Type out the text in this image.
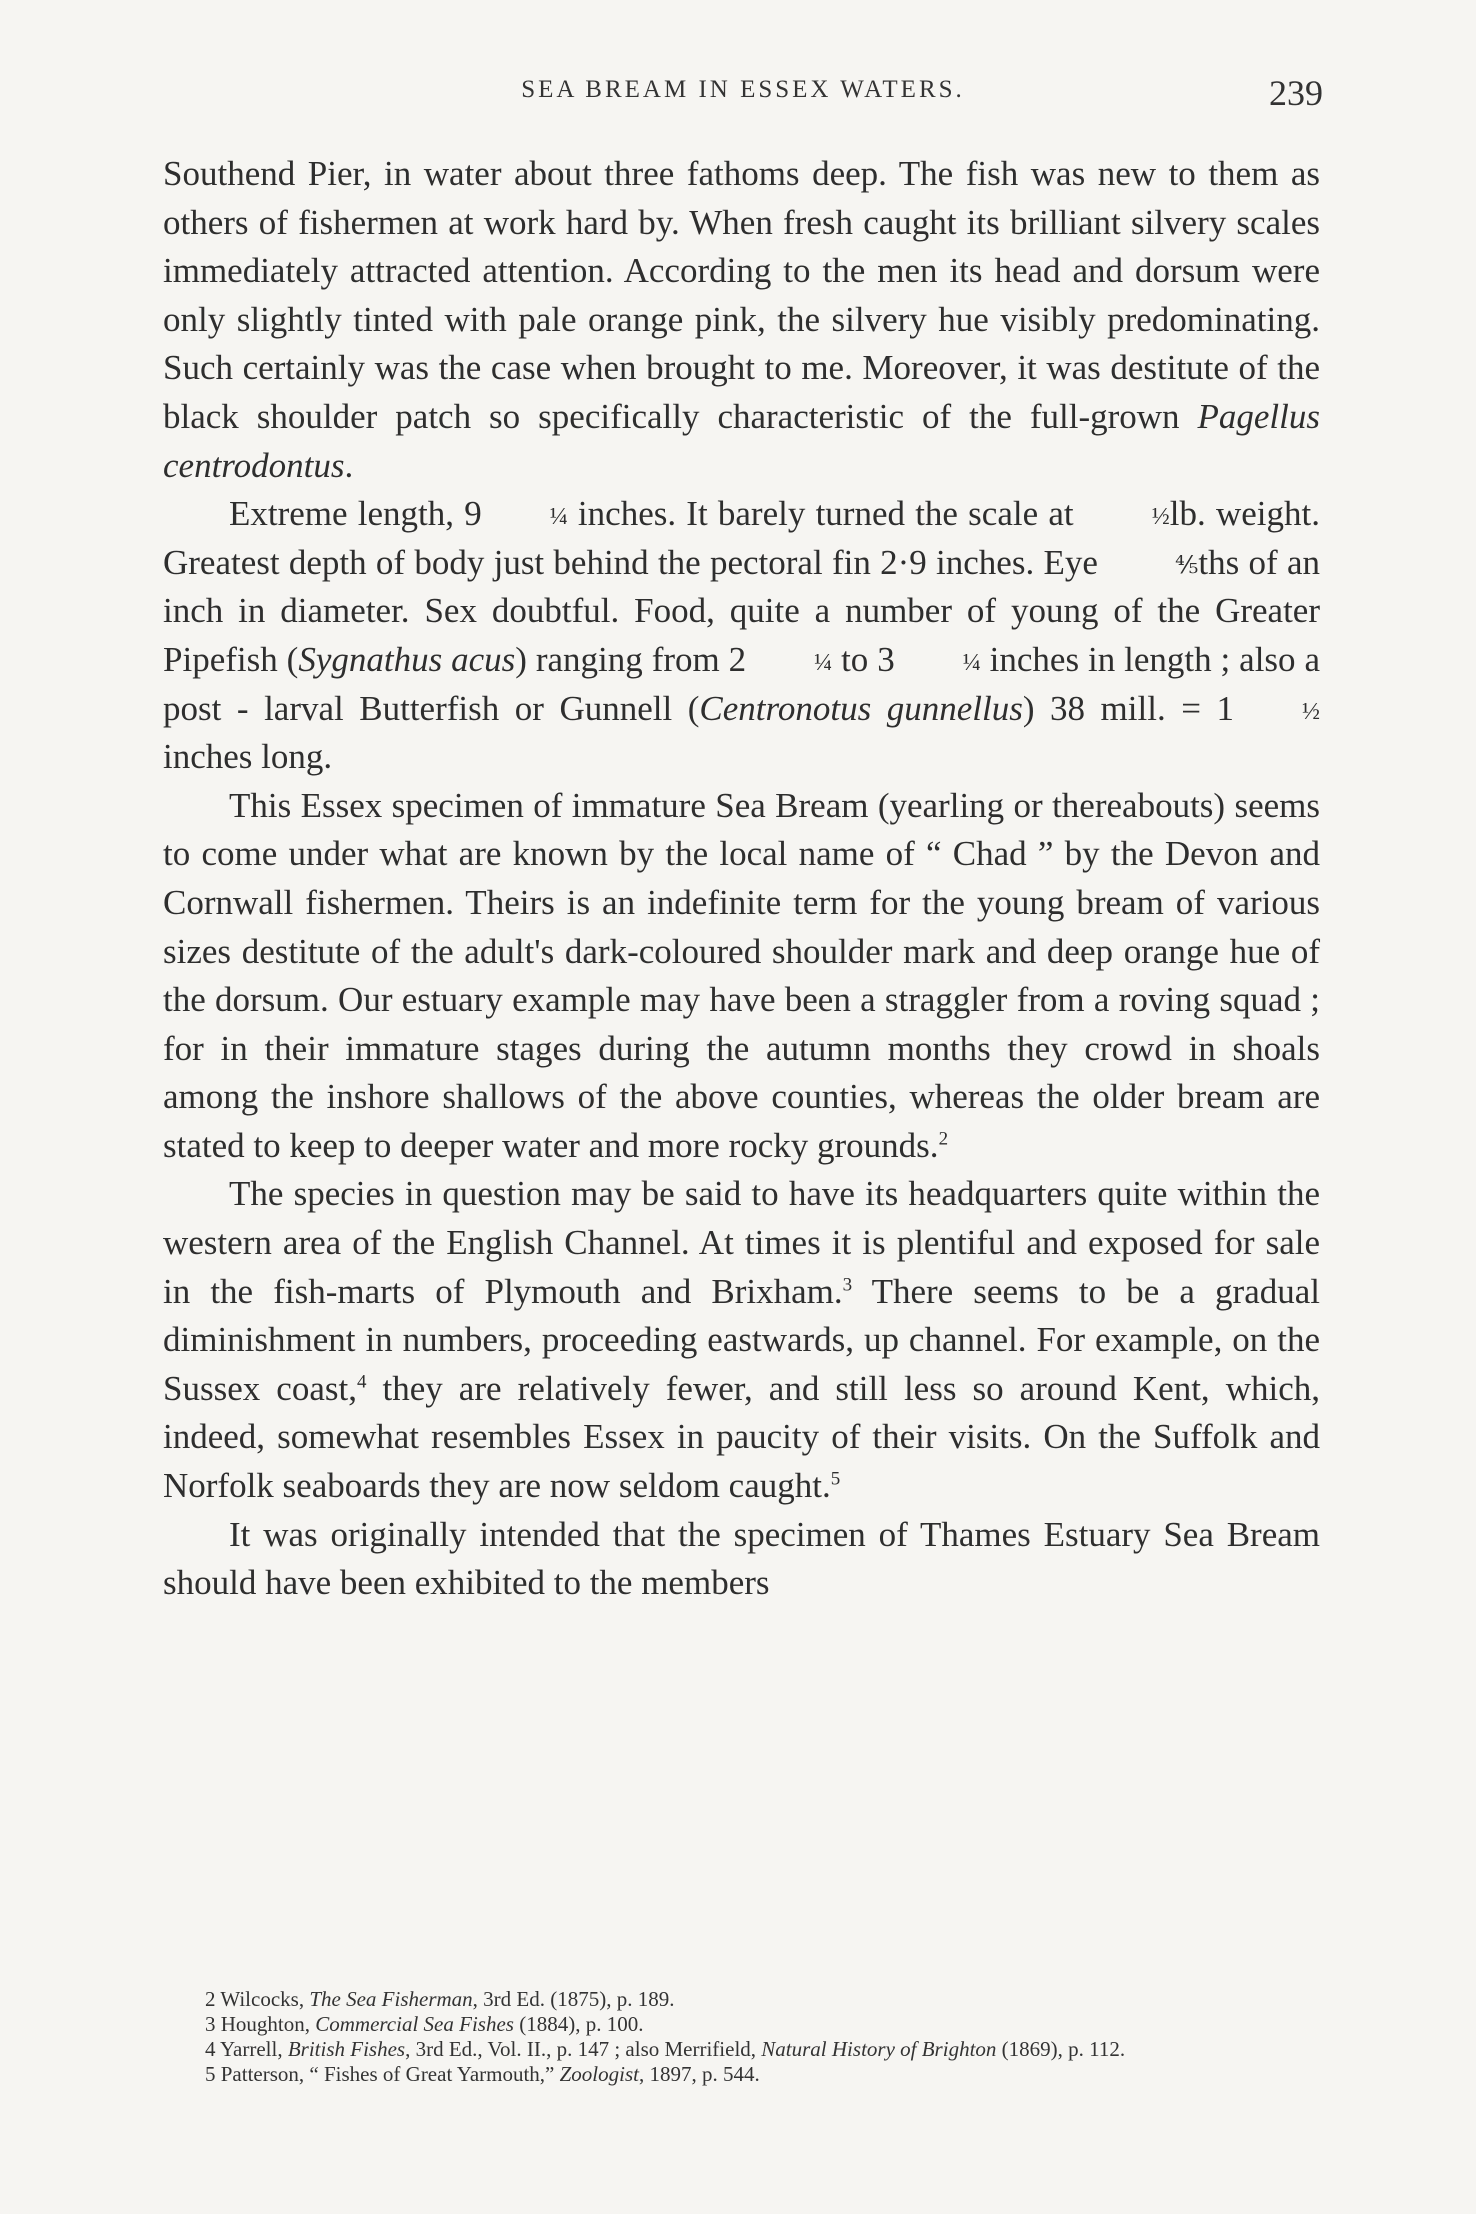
SEA BREAM IN ESSEX WATERS.	239

Southend Pier, in water about three fathoms deep. The fish was new to them as others of fishermen at work hard by. When fresh caught its brilliant silvery scales immediately attracted attention. According to the men its head and dorsum were only slightly tinted with pale orange pink, the silvery hue visibly predominating. Such certainly was the case when brought to me. Moreover, it was destitute of the black shoulder patch so specifically characteristic of the full-grown Pagellus centrodontus.

Extreme length, 9	¼ inches. It barely turned the scale at	½lb. weight. Greatest depth of body just behind the pectoral fin 2·9 inches. Eye	⅘ths of an inch in diameter. Sex doubtful. Food, quite a number of young of the Greater Pipefish (Sygnathus acus) ranging from 2	¼ to 3	¼ inches in length ; also a post - larval Butterfish or Gunnell (Centronotus gunnellus) 38 mill. = 1	½ inches long.

This Essex specimen of immature Sea Bream (yearling or thereabouts) seems to come under what are known by the local name of “ Chad ” by the Devon and Cornwall fishermen. Theirs is an indefinite term for the young bream of various sizes destitute of the adult's dark-coloured shoulder mark and deep orange hue of the dorsum. Our estuary example may have been a straggler from a roving squad ; for in their immature stages during the autumn months they crowd in shoals among the inshore shallows of the above counties, whereas the older bream are stated to keep to deeper water and more rocky grounds.$^2$

The species in question may be said to have its headquarters quite within the western area of the English Channel. At times it is plentiful and exposed for sale in the fish-marts of Plymouth and Brixham.$^3$ There seems to be a gradual diminishment in numbers, proceeding eastwards, up channel. For example, on the Sussex coast,$^4$ they are relatively fewer, and still less so around Kent, which, indeed, somewhat resembles Essex in paucity of their visits. On the Suffolk and Norfolk seaboards they are now seldom caught.$^5$

It was originally intended that the specimen of Thames Estuary Sea Bream should have been exhibited to the members

2 Wilcocks, The Sea Fisherman, 3rd Ed. (1875), p. 189.

3 Houghton, Commercial Sea Fishes (1884), p. 100.

4 Yarrell, British Fishes, 3rd Ed., Vol. II., p. 147 ; also Merrifield, Natural History of Brighton (1869), p. 112.

5 Patterson, “ Fishes of Great Yarmouth,” Zoologist, 1897, p. 544.
